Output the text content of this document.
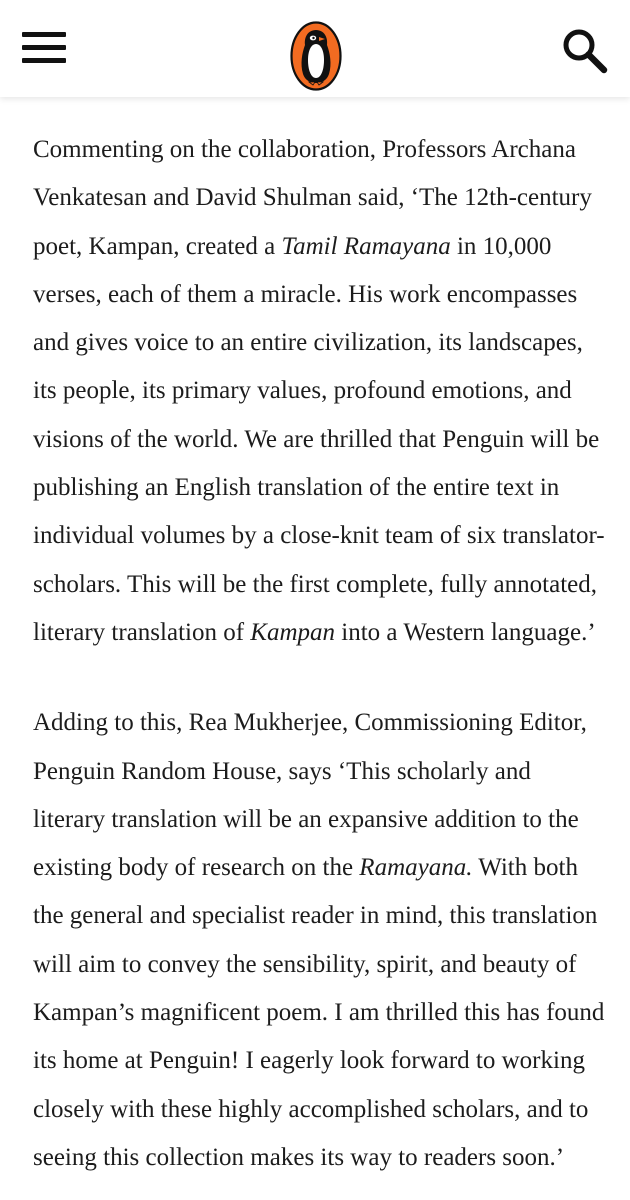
Commenting on the collaboration, Professors Archana Venkatesan and David Shulman said, ‘The 12th-century poet, Kampan, created a Tamil Ramayana in 10,000 verses, each of them a miracle. His work encompasses and gives voice to an entire civilization, its landscapes, its people, its primary values, profound emotions, and visions of the world. We are thrilled that Penguin will be publishing an English translation of the entire text in individual volumes by a close-knit team of six translator-scholars. This will be the first complete, fully annotated, literary translation of Kampan into a Western language.’

Adding to this, Rea Mukherjee, Commissioning Editor, Penguin Random House, says ‘This scholarly and literary translation will be an expansive addition to the existing body of research on the Ramayana. With both the general and specialist reader in mind, this translation will aim to convey the sensibility, spirit, and beauty of Kampan’s magnificent poem. I am thrilled this has found its home at Penguin! I eagerly look forward to working closely with these highly accomplished scholars, and to seeing this collection makes its way to readers soon.’
